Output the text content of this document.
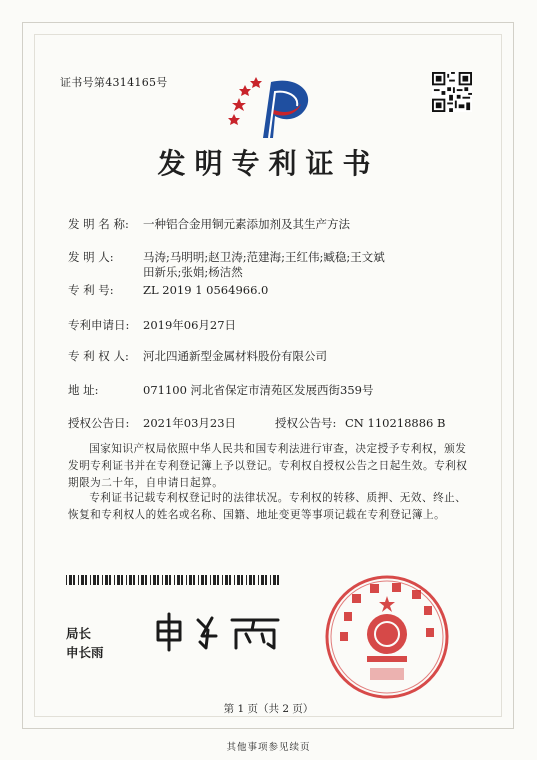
证书号第4314165号
发明专利证书
发 明 名 称: 一种铝合金用铜元素添加剂及其生产方法
发 明 人:	马涛;马明明;赵卫涛;范建海;王红伟;臧稳;王文斌
田新乐;张娟;杨洁然
专 利 号:	ZL 2019 1 0564966.0
专利申请日: 2019年06月27日
专 利 权 人: 河北四通新型金属材料股份有限公司
地 址:	071100 河北省保定市清苑区发展西街359号
授权公告日: 2021年03月23日	授权公告号: CN 110218886 B
国家知识产权局依照中华人民共和国专利法进行审查，决定授予专利权，颁发发明专利证书并在专利登记簿上予以登记。专利权自授权公告之日起生效。专利权期限为二十年，自申请日起算。
专利证书记载专利权登记时的法律状况。专利权的转移、质押、无效、终止、恢复和专利权人的姓名或名称、国籍、地址变更等事项记载在专利登记簿上。
局长
申长雨
第 1 页（共 2 页）
其他事项参见续页
